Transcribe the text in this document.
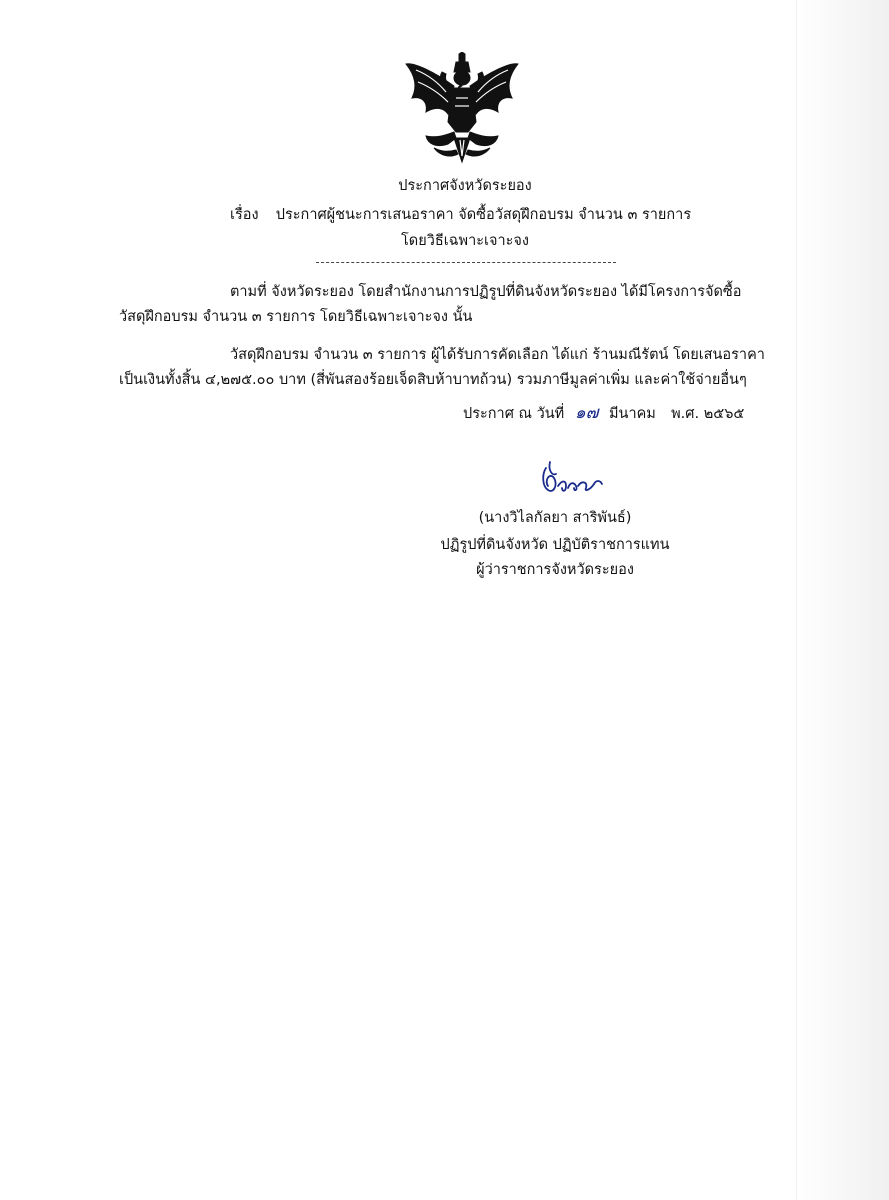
ประกาศจังหวัดระยอง
เรื่อง ประกาศผู้ชนะการเสนอราคา จัดซื้อวัสดุฝึกอบรม จำนวน ๓ รายการ
โดยวิธีเฉพาะเจาะจง
ตามที่ จังหวัดระยอง โดยสำนักงานการปฏิรูปที่ดินจังหวัดระยอง ได้มีโครงการจัดซื้อ
วัสดุฝึกอบรม จำนวน ๓ รายการ โดยวิธีเฉพาะเจาะจง นั้น
วัสดุฝึกอบรม จำนวน ๓ รายการ ผู้ได้รับการคัดเลือก ได้แก่ ร้านมณีรัตน์ โดยเสนอราคา
เป็นเงินทั้งสิ้น ๔,๒๗๕.๐๐ บาท (สี่พันสองร้อยเจ็ดสิบห้าบาทถ้วน) รวมภาษีมูลค่าเพิ่ม และค่าใช้จ่ายอื่นๆ
ประกาศ ณ วันที่ ๑๗ มีนาคม พ.ศ. ๒๕๖๕
(นางวิไลกัลยา สาริพันธ์)
ปฏิรูปที่ดินจังหวัด ปฏิบัติราชการแทน
ผู้ว่าราชการจังหวัดระยอง
